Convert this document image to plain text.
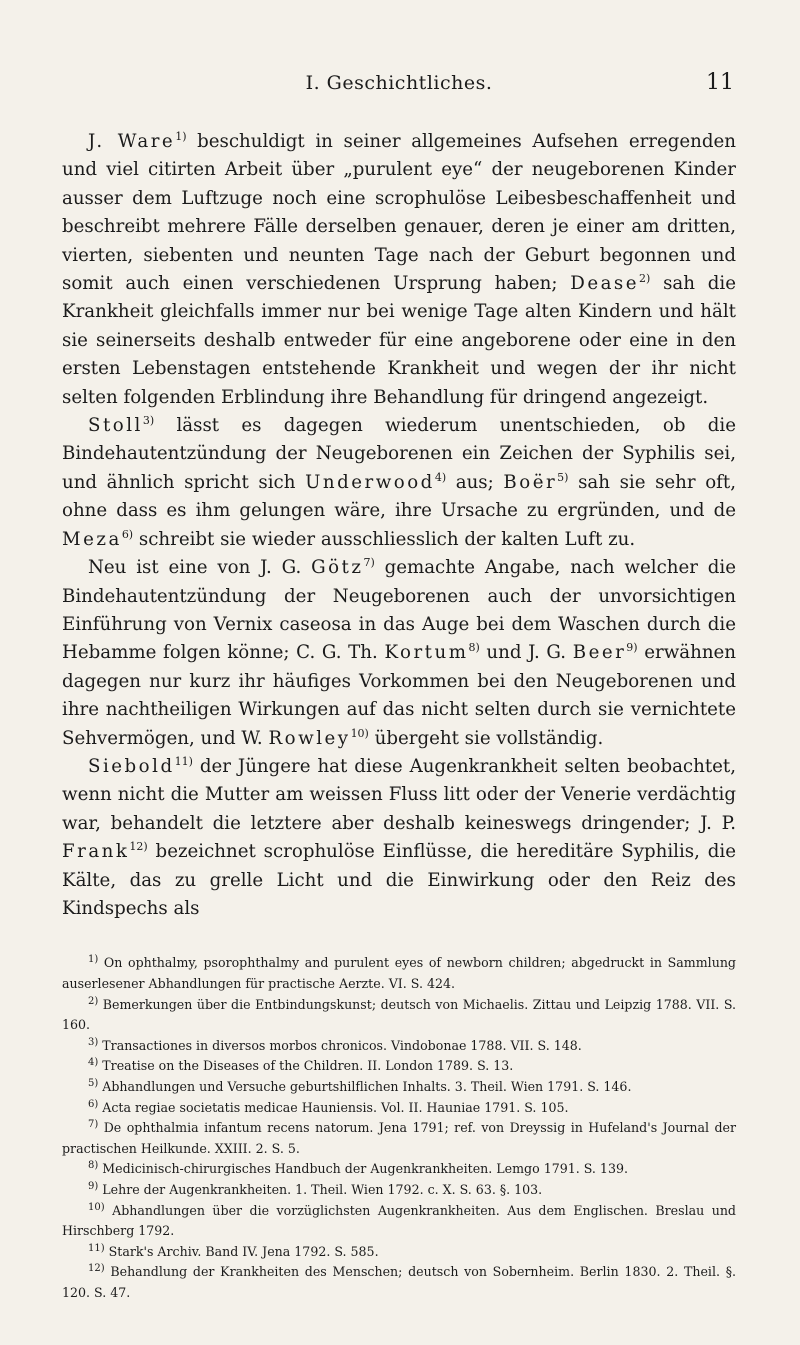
I. Geschichtliches.	11

J. Ware$^{1)}$ beschuldigt in seiner allgemeines Aufsehen erregenden und viel citirten Arbeit über „purulent eye“ der neugeborenen Kinder ausser dem Luftzuge noch eine scrophulöse Leibesbeschaffenheit und beschreibt mehrere Fälle derselben genauer, deren je einer am dritten, vierten, siebenten und neunten Tage nach der Geburt begonnen und somit auch einen verschiedenen Ursprung haben; Dease$^{2)}$ sah die Krankheit gleichfalls immer nur bei wenige Tage alten Kindern und hält sie seinerseits deshalb entweder für eine angeborene oder eine in den ersten Lebenstagen entstehende Krankheit und wegen der ihr nicht selten folgenden Erblindung ihre Behandlung für dringend angezeigt.

Stoll$^{3)}$ lässt es dagegen wiederum unentschieden, ob die Bindehautentzündung der Neugeborenen ein Zeichen der Syphilis sei, und ähnlich spricht sich Underwood$^{4)}$ aus; Boër$^{5)}$ sah sie sehr oft, ohne dass es ihm gelungen wäre, ihre Ursache zu ergründen, und de Meza$^{6)}$ schreibt sie wieder ausschliesslich der kalten Luft zu.

Neu ist eine von J. G. Götz$^{7)}$ gemachte Angabe, nach welcher die Bindehautentzündung der Neugeborenen auch der unvorsichtigen Einführung von Vernix caseosa in das Auge bei dem Waschen durch die Hebamme folgen könne; C. G. Th. Kortum$^{8)}$ und J. G. Beer$^{9)}$ erwähnen dagegen nur kurz ihr häufiges Vorkommen bei den Neugeborenen und ihre nachtheiligen Wirkungen auf das nicht selten durch sie vernichtete Sehvermögen, und W. Rowley$^{10)}$ übergeht sie vollständig.

Siebold$^{11)}$ der Jüngere hat diese Augenkrankheit selten beobachtet, wenn nicht die Mutter am weissen Fluss litt oder der Venerie verdächtig war, behandelt die letztere aber deshalb keineswegs dringender; J. P. Frank$^{12)}$ bezeichnet scrophulöse Einflüsse, die hereditäre Syphilis, die Kälte, das zu grelle Licht und die Einwirkung oder den Reiz des Kindspechs als

$^{1)}$ On ophthalmy, psorophthalmy and purulent eyes of newborn children; abgedruckt in Sammlung auserlesener Abhandlungen für practische Aerzte. VI. S. 424.

$^{2)}$ Bemerkungen über die Entbindungskunst; deutsch von Michaelis. Zittau und Leipzig 1788. VII. S. 160.

$^{3)}$ Transactiones in diversos morbos chronicos. Vindobonae 1788. VII. S. 148.

$^{4)}$ Treatise on the Diseases of the Children. II. London 1789. S. 13.

$^{5)}$ Abhandlungen und Versuche geburtshilflichen Inhalts. 3. Theil. Wien 1791. S. 146.

$^{6)}$ Acta regiae societatis medicae Hauniensis. Vol. II. Hauniae 1791. S. 105.

$^{7)}$ De ophthalmia infantum recens natorum. Jena 1791; ref. von Dreyssig in Hufeland's Journal der practischen Heilkunde. XXIII. 2. S. 5.

$^{8)}$ Medicinisch-chirurgisches Handbuch der Augenkrankheiten. Lemgo 1791. S. 139.

$^{9)}$ Lehre der Augenkrankheiten. 1. Theil. Wien 1792. c. X. S. 63. §. 103.

$^{10)}$ Abhandlungen über die vorzüglichsten Augenkrankheiten. Aus dem Englischen. Breslau und Hirschberg 1792.

$^{11)}$ Stark's Archiv. Band IV. Jena 1792. S. 585.

$^{12)}$ Behandlung der Krankheiten des Menschen; deutsch von Sobernheim. Berlin 1830. 2. Theil. §. 120. S. 47.
